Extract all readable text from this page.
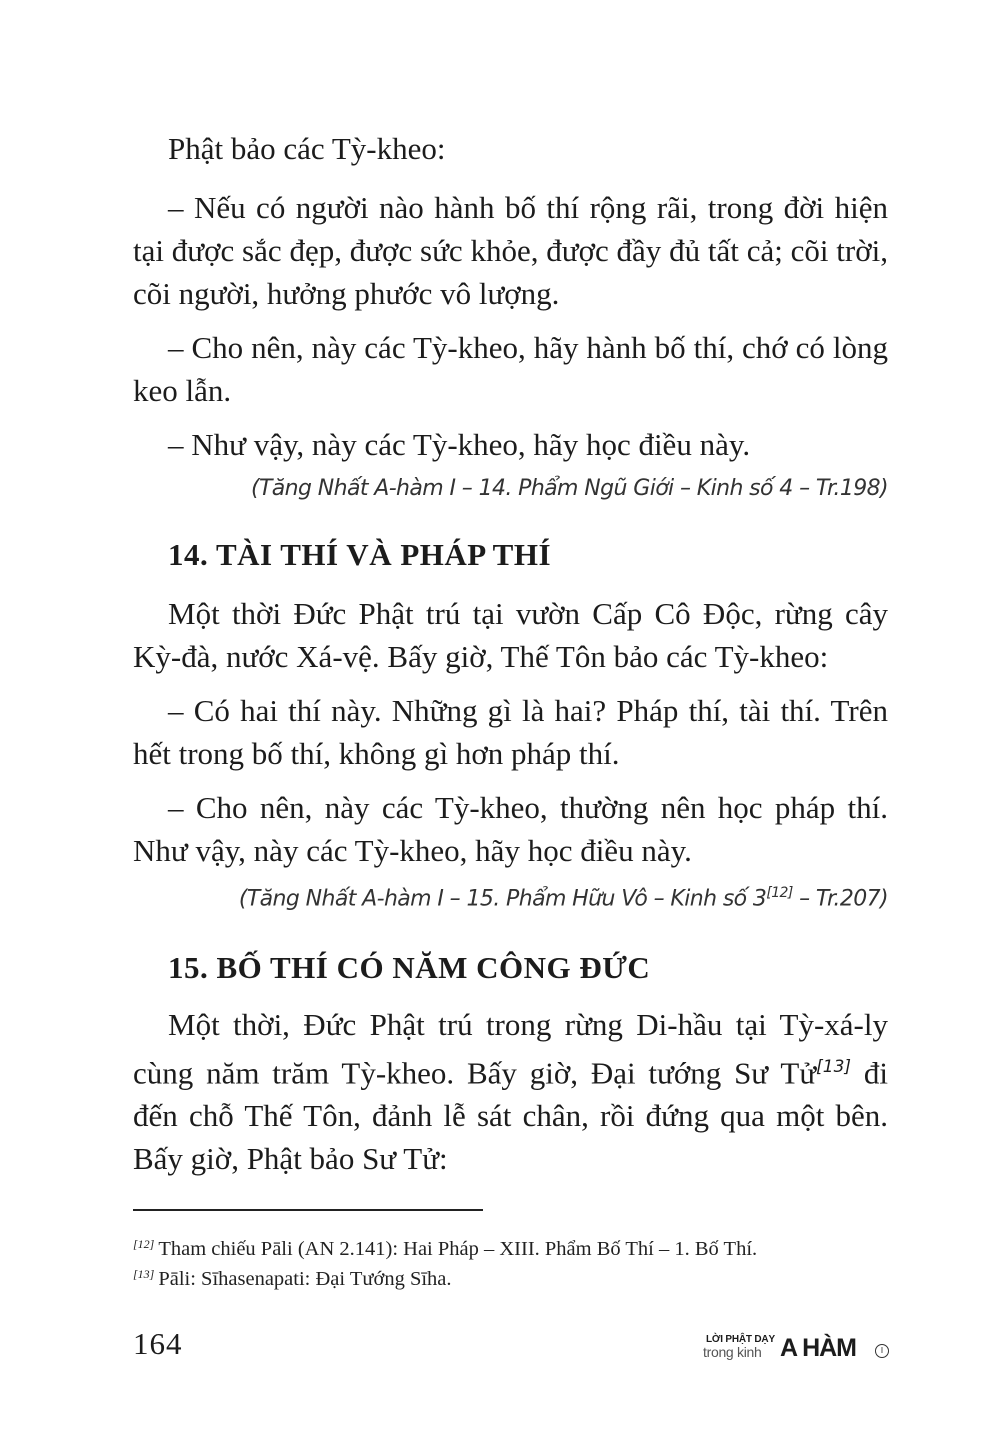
Phật bảo các Tỳ-kheo:

– Nếu có người nào hành bố thí rộng rãi, trong đời hiện tại được sắc đẹp, được sức khỏe, được đầy đủ tất cả; cõi trời, cõi người, hưởng phước vô lượng.

– Cho nên, này các Tỳ-kheo, hãy hành bố thí, chớ có lòng keo lẫn.

– Như vậy, này các Tỳ-kheo, hãy học điều này.

(Tăng Nhất A-hàm I – 14. Phẩm Ngũ Giới – Kinh số 4 – Tr.198)
14. TÀI THÍ VÀ PHÁP THÍ

Một thời Đức Phật trú tại vườn Cấp Cô Độc, rừng cây Kỳ-đà, nước Xá-vệ. Bấy giờ, Thế Tôn bảo các Tỳ-kheo:

– Có hai thí này. Những gì là hai? Pháp thí, tài thí. Trên hết trong bố thí, không gì hơn pháp thí.

– Cho nên, này các Tỳ-kheo, thường nên học pháp thí. Như vậy, này các Tỳ-kheo, hãy học điều này.

(Tăng Nhất A-hàm I – 15. Phẩm Hữu Vô – Kinh số 3[12] – Tr.207)
15. BỐ THÍ CÓ NĂM CÔNG ĐỨC

Một thời, Đức Phật trú trong rừng Di-hầu tại Tỳ-xá-ly cùng năm trăm Tỳ-kheo. Bấy giờ, Đại tướng Sư Tử[13] đi đến chỗ Thế Tôn, đảnh lễ sát chân, rồi đứng qua một bên. Bấy giờ, Phật bảo Sư Tử:

[12] Tham chiếu Pāli (AN 2.141): Hai Pháp – XIII. Phẩm Bố Thí – 1. Bố Thí.
[13] Pāli: Sīhasenapati: Đại Tướng Sīha.
164	LỜI PHẬT DẠY
trong kinh A HÀM	I
